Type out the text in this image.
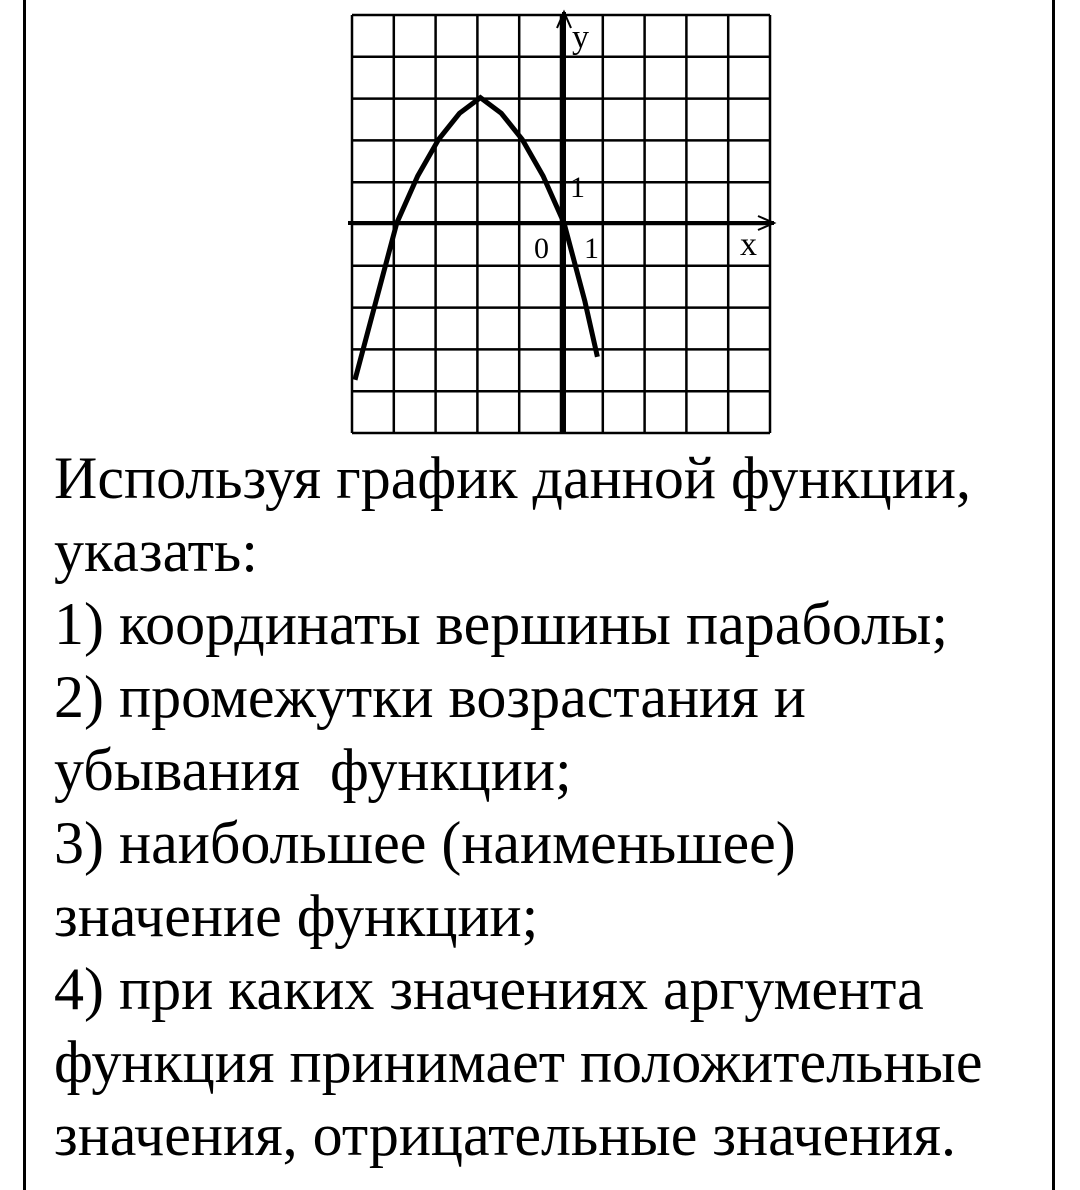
y
x
0 1
1
Используя график данной функции,
указать:
1) координаты вершины параболы;
2) промежутки возрастания и
убывания  функции;
3) наибольшее (наименьшее)
значение функции;
4) при каких значениях аргумента
функция принимает положительные
значения, отрицательные значения.
